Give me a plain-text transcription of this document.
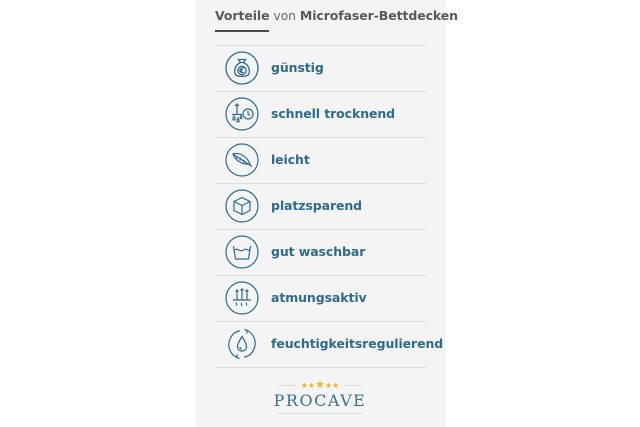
Vorteile von Microfaser-Bettdecken
günstig
schnell trocknend
leicht
platzsparend
gut waschbar
atmungsaktiv
feuchtigkeitsregulierend
★★★★★
PROCAVE
